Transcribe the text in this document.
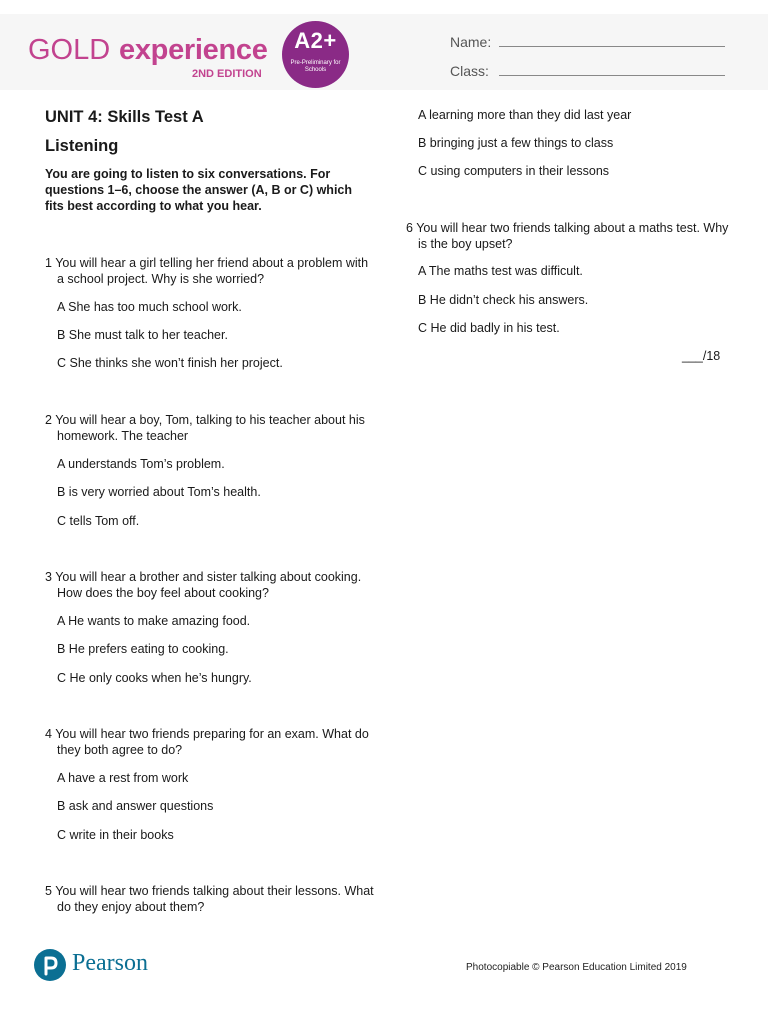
GOLD experience
2ND EDITION
A2+
Pre-Preliminary for Schools
Name:
Class:
UNIT 4: Skills Test A
Listening
You are going to listen to six conversations. For questions 1–6, choose the answer (A, B or C) which fits best according to what you hear.
1 You will hear a girl telling her friend about a problem with a school project. Why is she worried?
A She has too much school work.
B She must talk to her teacher.
C She thinks she won’t finish her project.
2 You will hear a boy, Tom, talking to his teacher about his homework. The teacher
A understands Tom’s problem.
B is very worried about Tom’s health.
C tells Tom off.
3 You will hear a brother and sister talking about cooking. How does the boy feel about cooking?
A He wants to make amazing food.
B He prefers eating to cooking.
C He only cooks when he’s hungry.
4 You will hear two friends preparing for an exam. What do they both agree to do?
A have a rest from work
B ask and answer questions
C write in their books
5 You will hear two friends talking about their lessons. What do they enjoy about them?
A learning more than they did last year
B bringing just a few things to class
C using computers in their lessons
6 You will hear two friends talking about a maths test. Why is the boy upset?
A The maths test was difficult.
B He didn’t check his answers.
C He did badly in his test.
___/18
Pearson	Photocopiable © Pearson Education Limited 2019
